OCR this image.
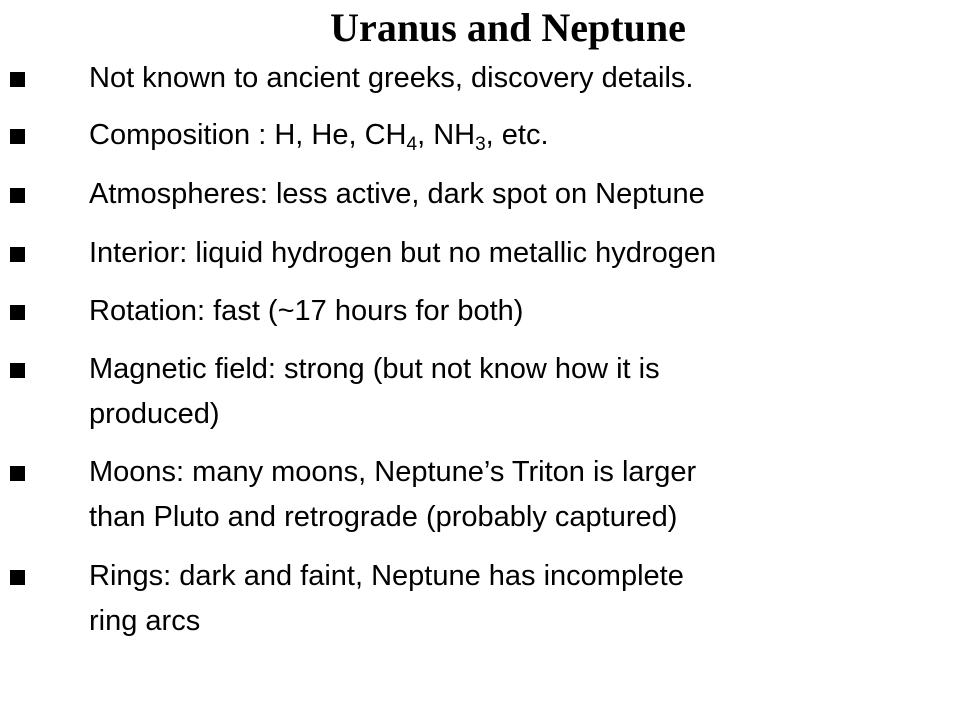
Uranus and Neptune
Not known to ancient greeks, discovery details.
Composition : H, He, $CH_4$, $NH_3$, etc.
Atmospheres: less active, dark spot on Neptune
Interior: liquid hydrogen but no metallic hydrogen
Rotation: fast (~17 hours for both)
Magnetic field: strong (but not know how it is
produced)
Moons: many moons, Neptune’s Triton is larger
than Pluto and retrograde (probably captured)
Rings: dark and faint, Neptune has incomplete
ring arcs
